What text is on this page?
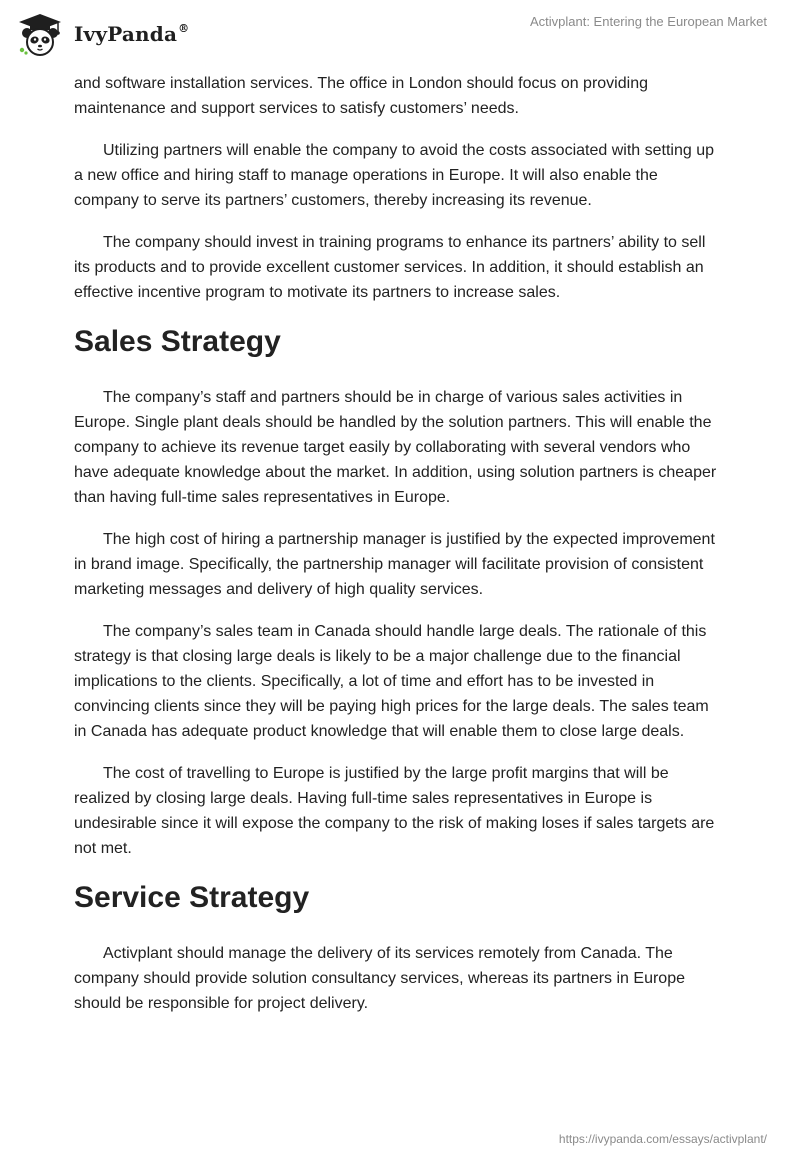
IvyPanda®	Activplant: Entering the European Market

and software installation services. The office in London should focus on providing maintenance and support services to satisfy customers’ needs.

Utilizing partners will enable the company to avoid the costs associated with setting up a new office and hiring staff to manage operations in Europe. It will also enable the company to serve its partners’ customers, thereby increasing its revenue.

The company should invest in training programs to enhance its partners’ ability to sell its products and to provide excellent customer services. In addition, it should establish an effective incentive program to motivate its partners to increase sales.

Sales Strategy

The company’s staff and partners should be in charge of various sales activities in Europe. Single plant deals should be handled by the solution partners. This will enable the company to achieve its revenue target easily by collaborating with several vendors who have adequate knowledge about the market. In addition, using solution partners is cheaper than having full-time sales representatives in Europe.

The high cost of hiring a partnership manager is justified by the expected improvement in brand image. Specifically, the partnership manager will facilitate provision of consistent marketing messages and delivery of high quality services.

The company’s sales team in Canada should handle large deals. The rationale of this strategy is that closing large deals is likely to be a major challenge due to the financial implications to the clients. Specifically, a lot of time and effort has to be invested in convincing clients since they will be paying high prices for the large deals. The sales team in Canada has adequate product knowledge that will enable them to close large deals.

The cost of travelling to Europe is justified by the large profit margins that will be realized by closing large deals. Having full-time sales representatives in Europe is undesirable since it will expose the company to the risk of making loses if sales targets are not met.

Service Strategy

Activplant should manage the delivery of its services remotely from Canada. The company should provide solution consultancy services, whereas its partners in Europe should be responsible for project delivery.

https://ivypanda.com/essays/activplant/
